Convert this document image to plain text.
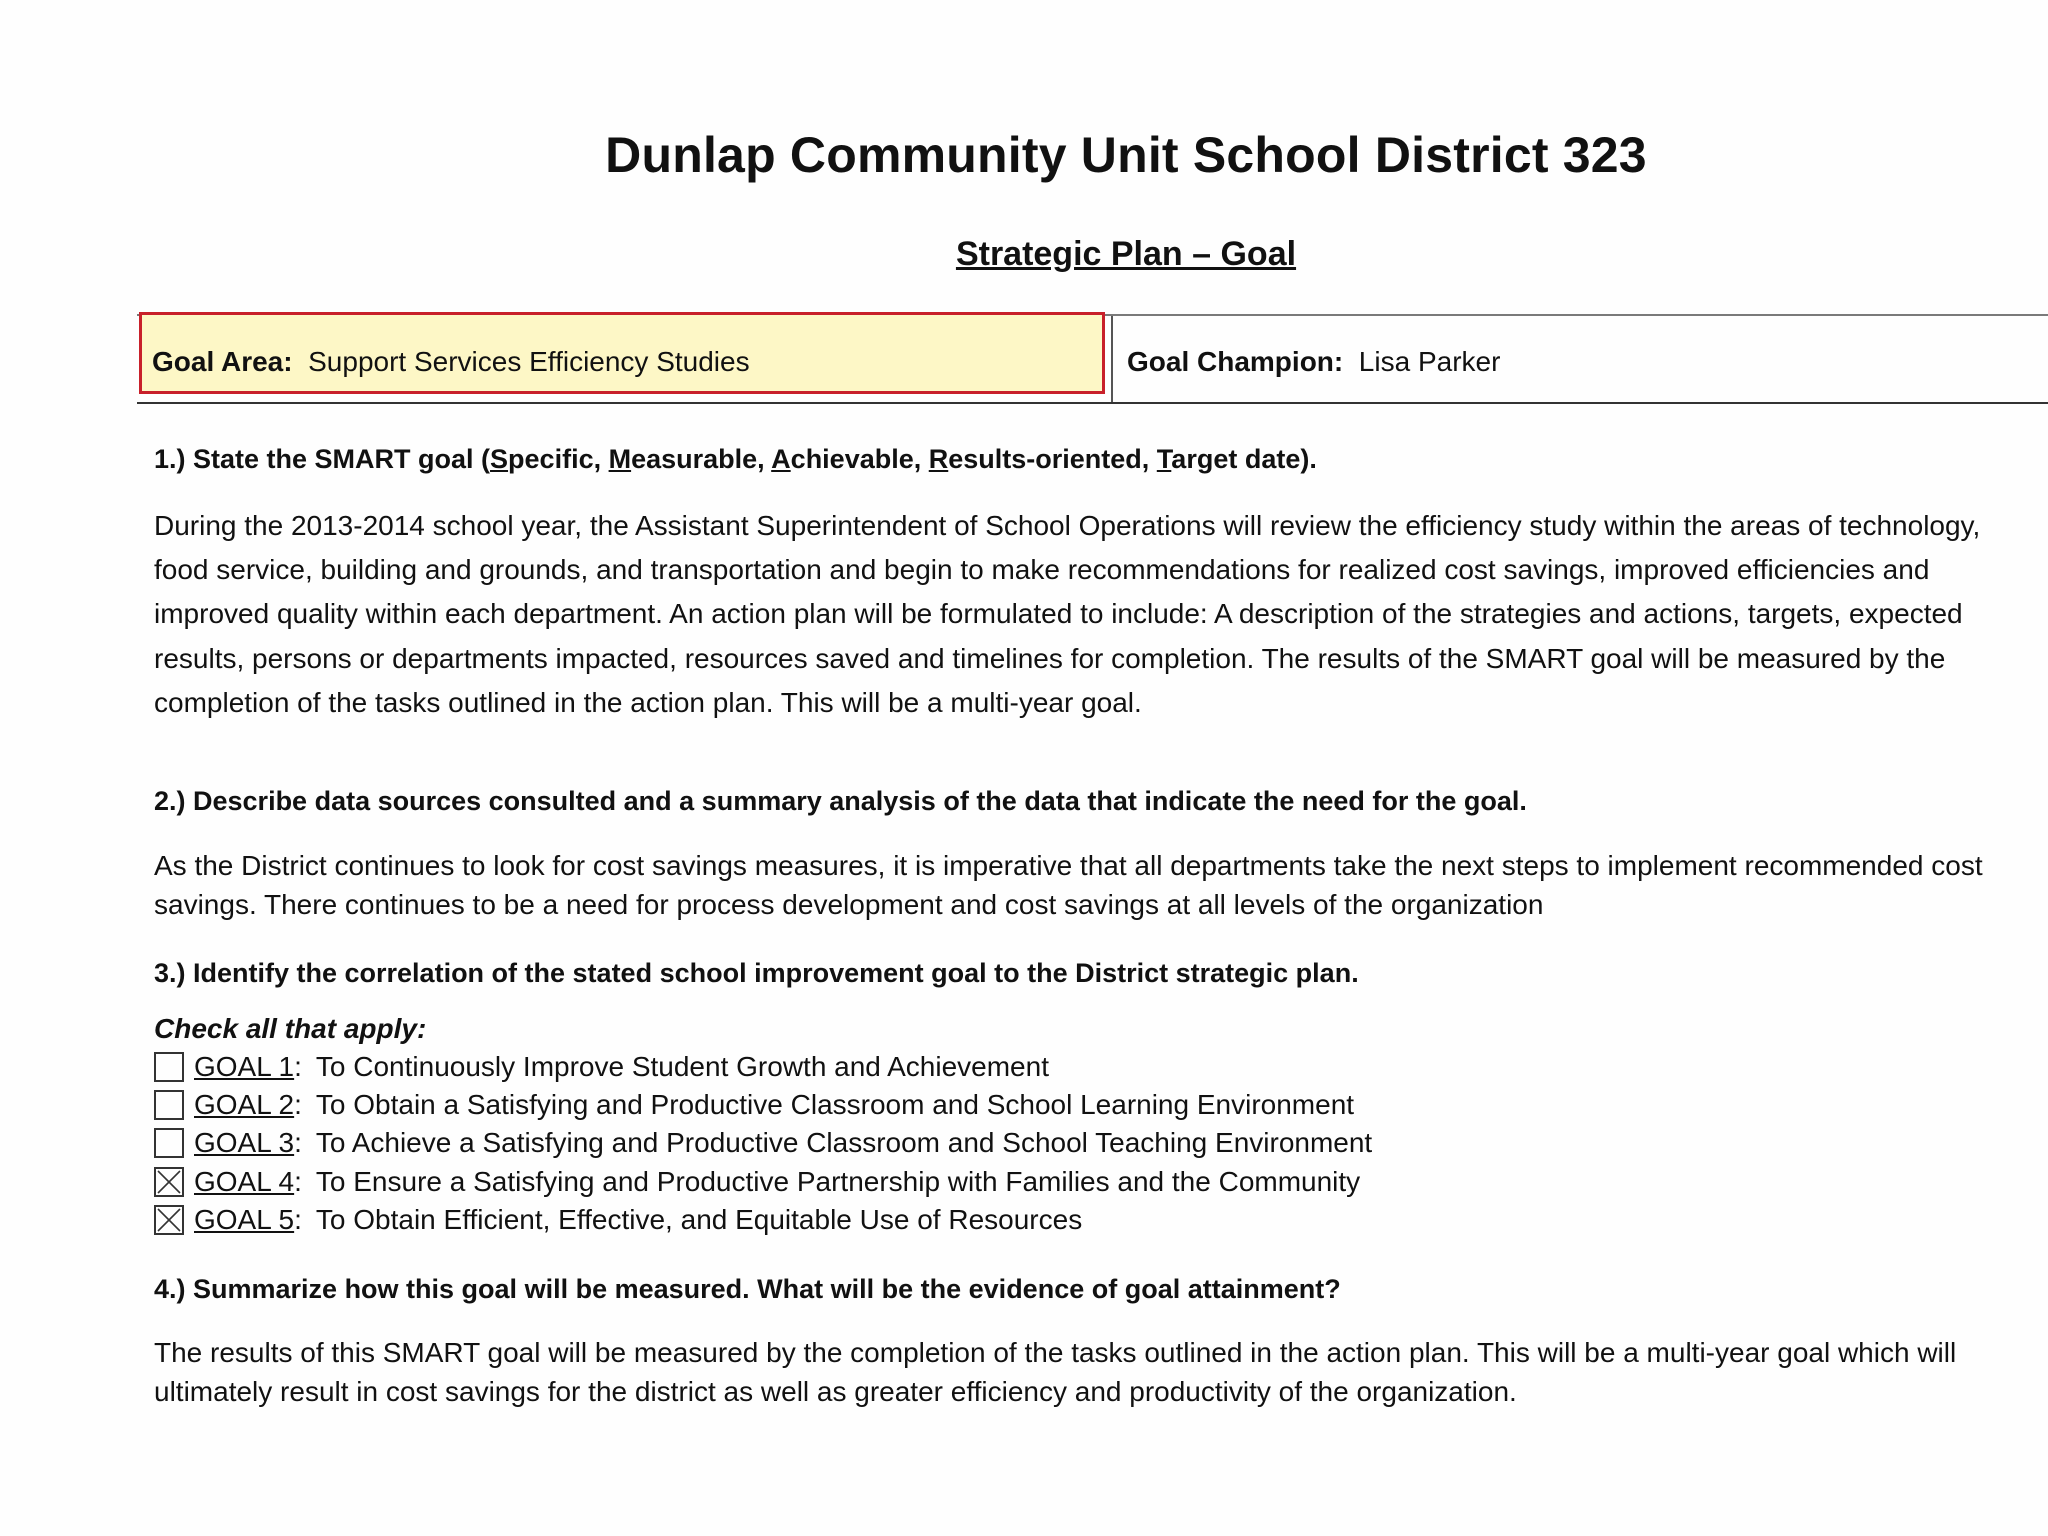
Dunlap Community Unit School District 323
Strategic Plan – Goal
Goal Area: Support Services Efficiency Studies	Goal Champion: Lisa Parker
1.) State the SMART goal (Specific, Measurable, Achievable, Results-oriented, Target date).
During the 2013-2014 school year, the Assistant Superintendent of School Operations will review the efficiency study within the areas of technology,
food service, building and grounds, and transportation and begin to make recommendations for realized cost savings, improved efficiencies and
improved quality within each department. An action plan will be formulated to include: A description of the strategies and actions, targets, expected
results, persons or departments impacted, resources saved and timelines for completion. The results of the SMART goal will be measured by the
completion of the tasks outlined in the action plan. This will be a multi-year goal.
2.) Describe data sources consulted and a summary analysis of the data that indicate the need for the goal.
As the District continues to look for cost savings measures, it is imperative that all departments take the next steps to implement recommended cost
savings. There continues to be a need for process development and cost savings at all levels of the organization
3.) Identify the correlation of the stated school improvement goal to the District strategic plan.
Check all that apply:
GOAL 1 : To Continuously Improve Student Growth and Achievement
GOAL 2 : To Obtain a Satisfying and Productive Classroom and School Learning Environment
GOAL 3 : To Achieve a Satisfying and Productive Classroom and School Teaching Environment
GOAL 4 : To Ensure a Satisfying and Productive Partnership with Families and the Community
GOAL 5 : To Obtain Efficient, Effective, and Equitable Use of Resources
4.) Summarize how this goal will be measured. What will be the evidence of goal attainment?
The results of this SMART goal will be measured by the completion of the tasks outlined in the action plan. This will be a multi-year goal which will
ultimately result in cost savings for the district as well as greater efficiency and productivity of the organization.
